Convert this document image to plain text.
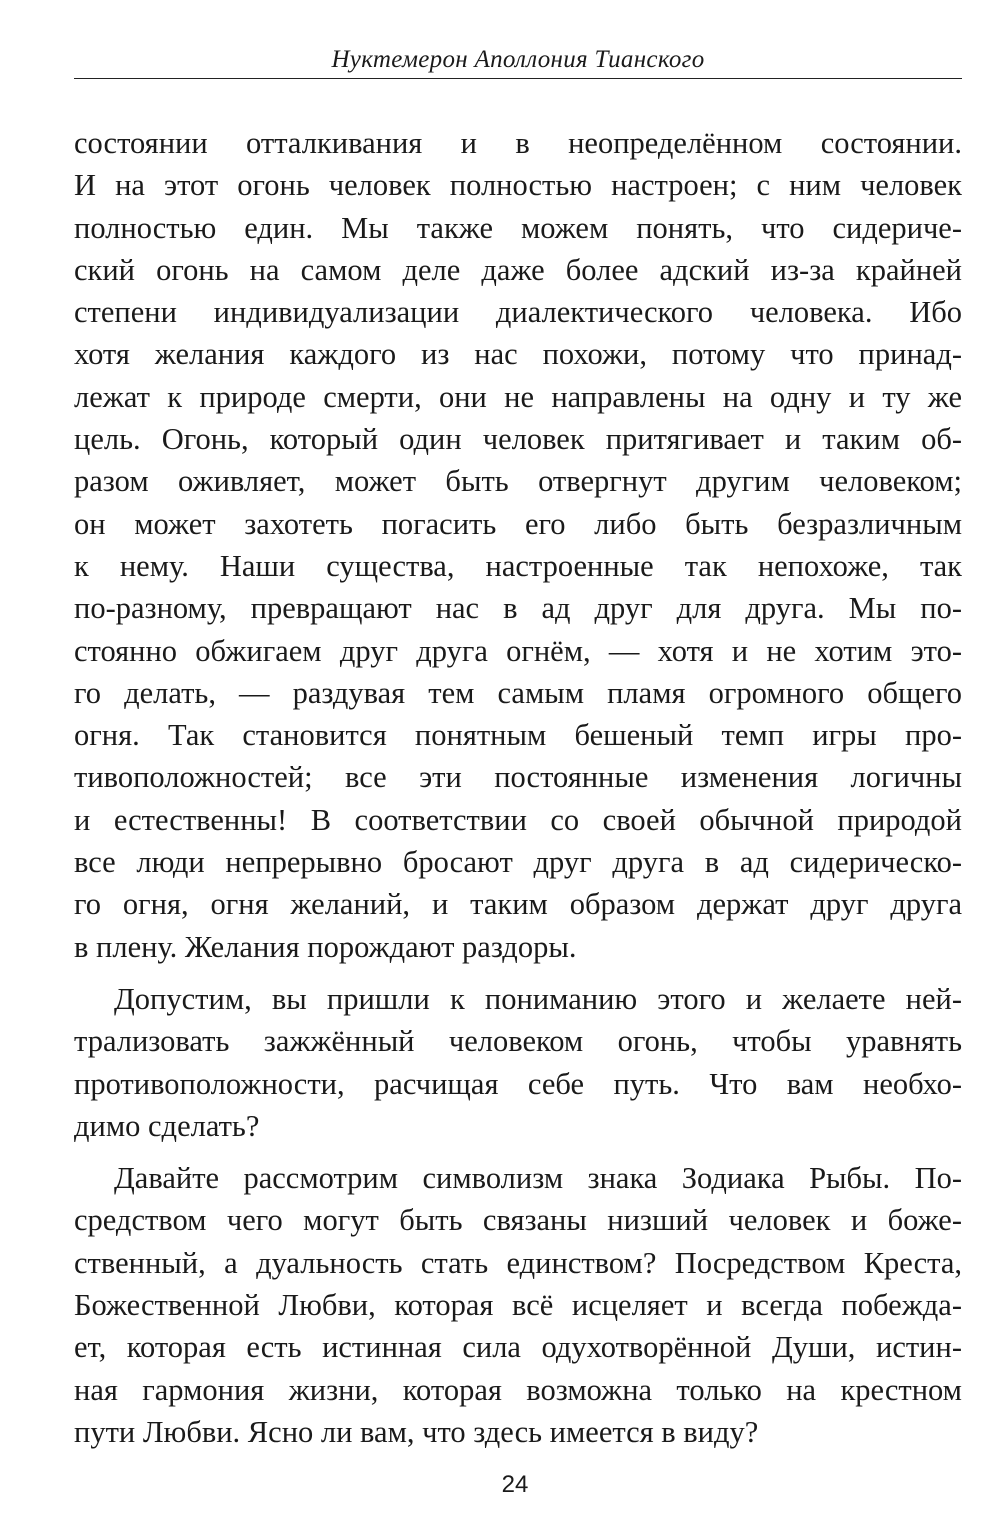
Нуктемерон Аполлония Тианского
состоянии отталкивания и в неопределённом состоянии.
И на этот огонь человек полностью настроен; с ним человек
полностью един. Мы также можем понять, что сидериче-
ский огонь на самом деле даже более адский из-за крайней
степени индивидуализации диалектического человека. Ибо
хотя желания каждого из нас похожи, потому что принад-
лежат к природе смерти, они не направлены на одну и ту же
цель. Огонь, который один человек притягивает и таким об-
разом оживляет, может быть отвергнут другим человеком;
он может захотеть погасить его либо быть безразличным
к нему. Наши существа, настроенные так непохоже, так
по-разному, превращают нас в ад друг для друга. Мы по-
стоянно обжигаем друг друга огнём, — хотя и не хотим это-
го делать, — раздувая тем самым пламя огромного общего
огня. Так становится понятным бешеный темп игры про-
тивоположностей; все эти постоянные изменения логичны
и естественны! В соответствии со своей обычной природой
все люди непрерывно бросают друг друга в ад сидерическо-
го огня, огня желаний, и таким образом держат друг друга
в плену. Желания порождают раздоры.
Допустим, вы пришли к пониманию этого и желаете ней-
трализовать зажжённый человеком огонь, чтобы уравнять
противоположности, расчищая себе путь. Что вам необхо-
димо сделать?
Давайте рассмотрим символизм знака Зодиака Рыбы. По-
средством чего могут быть связаны низший человек и боже-
ственный, а дуальность стать единством? Посредством Креста,
Божественной Любви, которая всё исцеляет и всегда побеждa-
ет, которая есть истинная сила одухотворённой Души, истин-
ная гармония жизни, которая возможна только на крестном
пути Любви. Ясно ли вам, что здесь имеется в виду?
24
